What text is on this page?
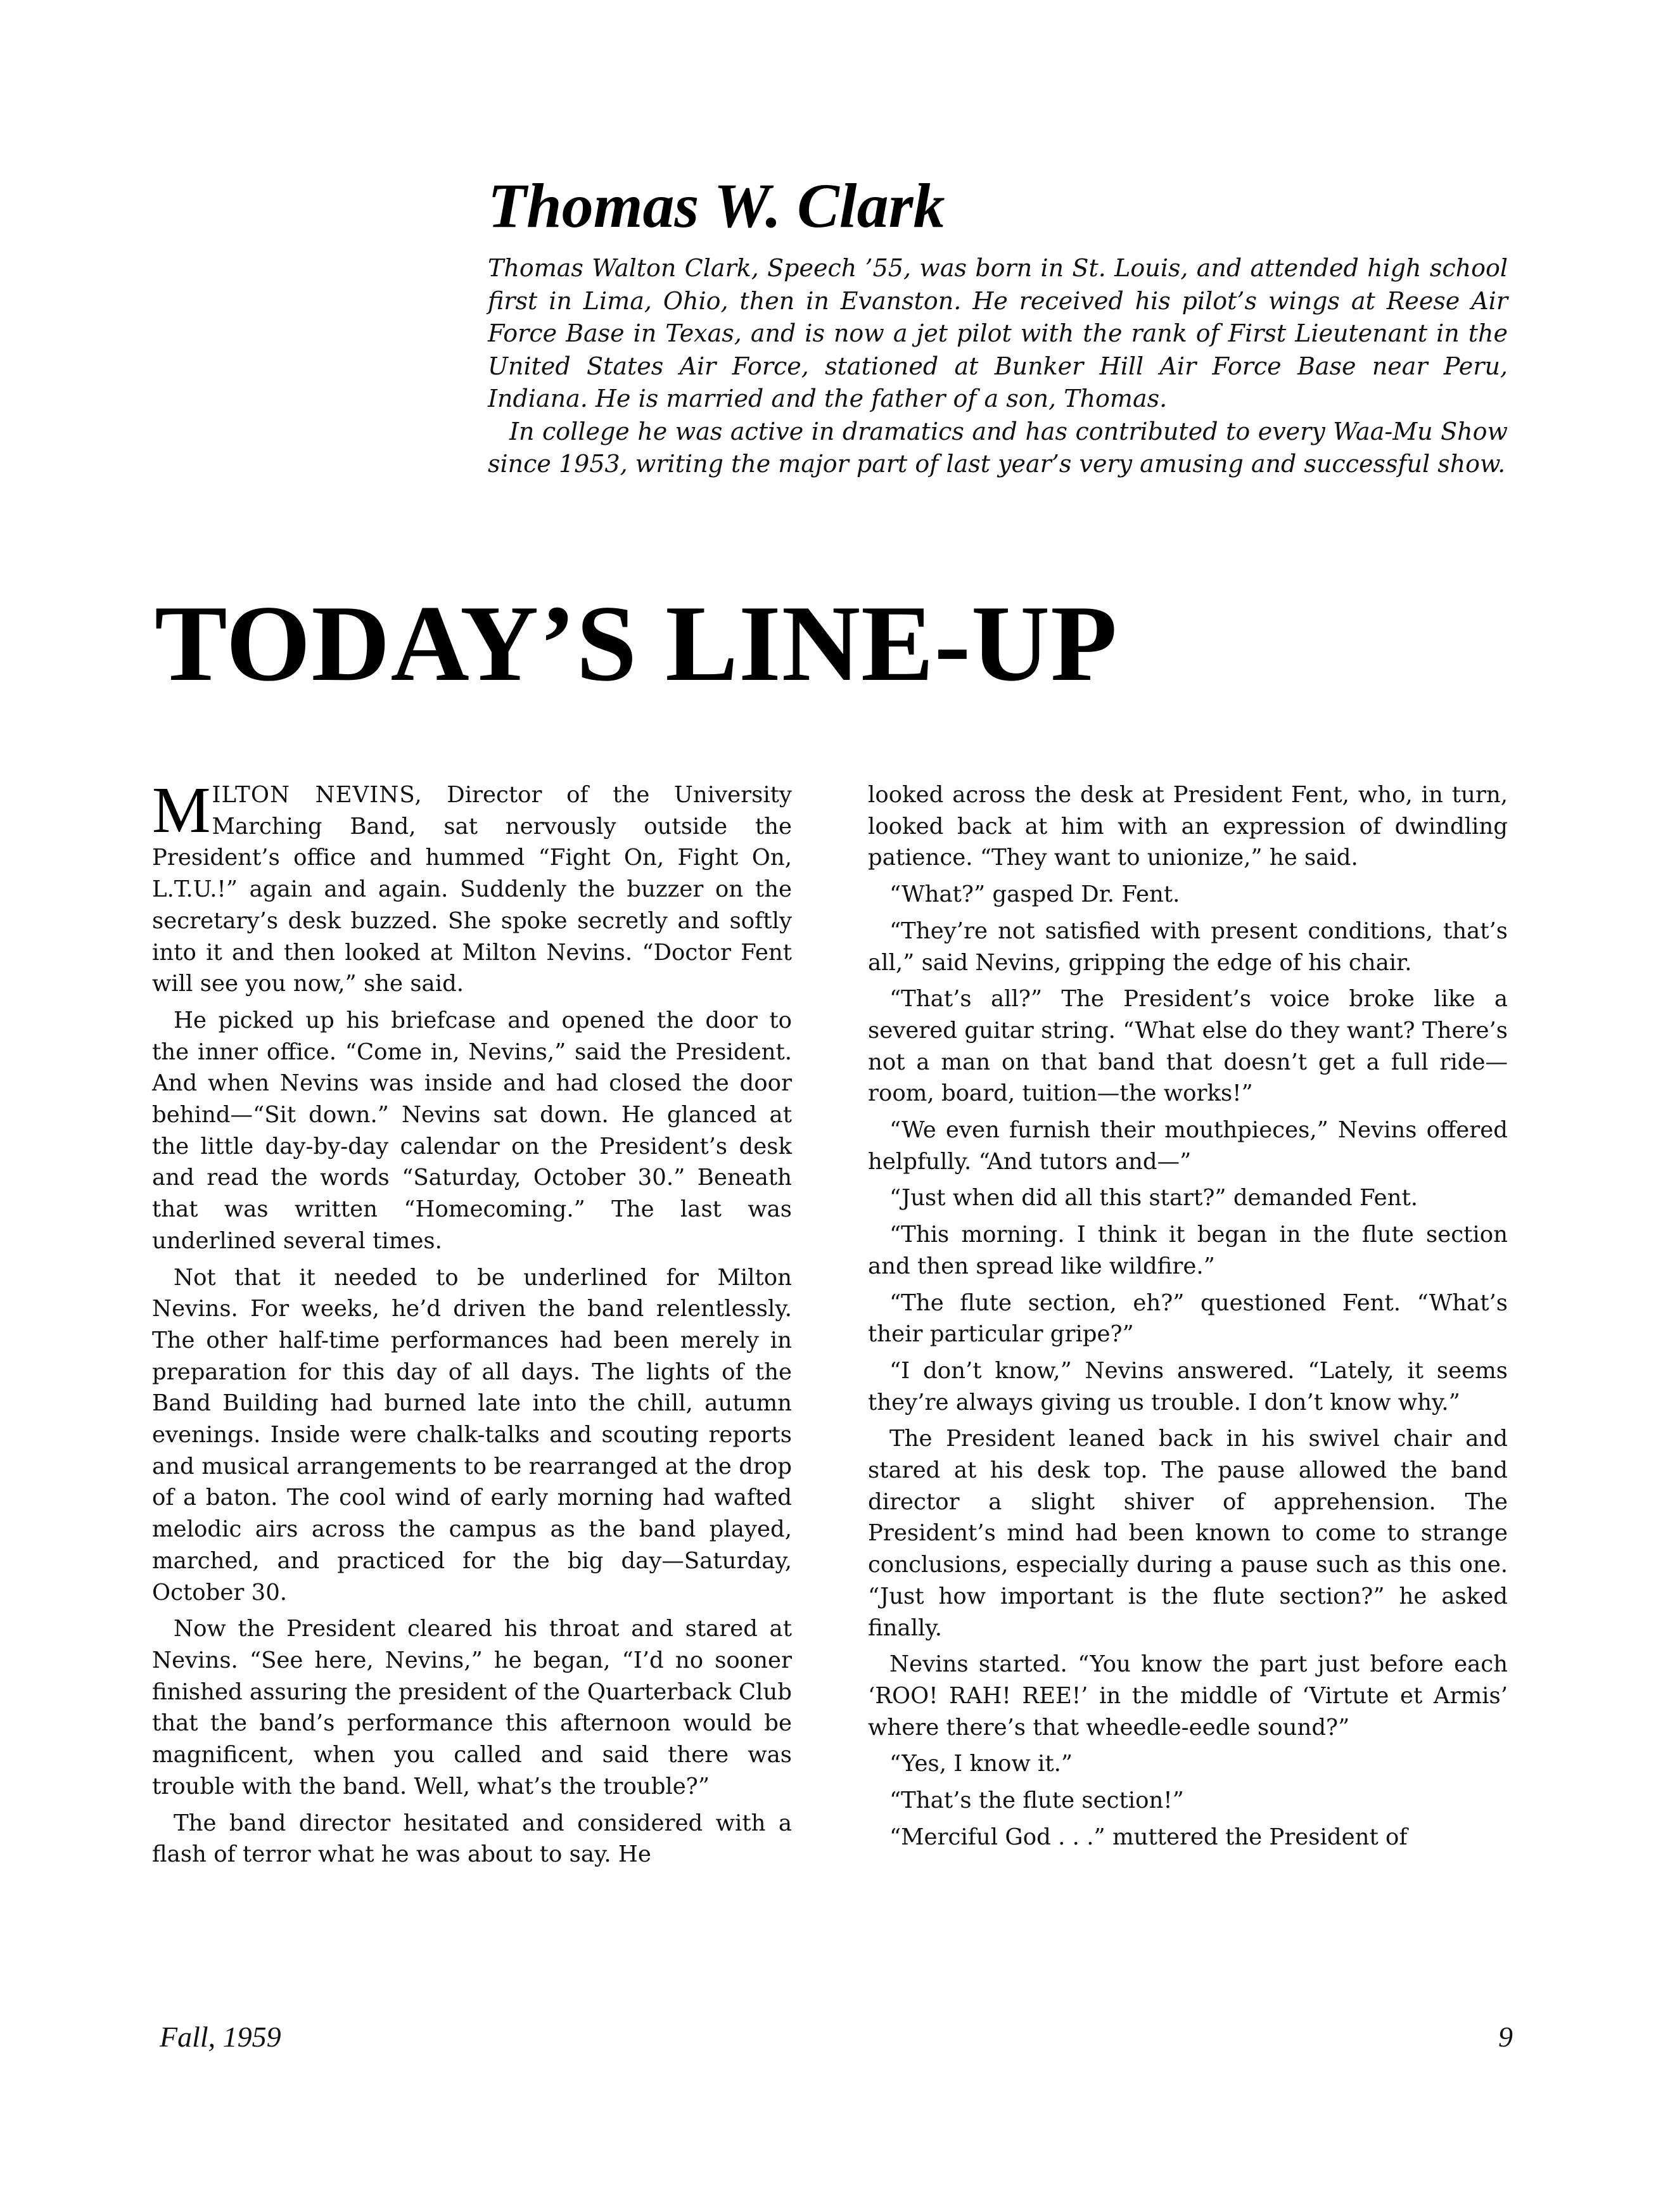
Thomas W. Clark

Thomas Walton Clark, Speech ’55, was born in St. Louis, and attended high school first in Lima, Ohio, then in Evanston. He received his pilot’s wings at Reese Air Force Base in Texas, and is now a jet pilot with the rank of First Lieutenant in the United States Air Force, stationed at Bunker Hill Air Force Base near Peru, Indiana. He is married and the father of a son, Thomas.

In college he was active in dramatics and has contributed to every Waa-Mu Show since 1953, writing the major part of last year’s very amusing and successful show.

TODAY’S LINE-UP

MILTON NEVINS, Director of the University Marching Band, sat nervously outside the President’s office and hummed “Fight On, Fight On, L.T.U.!” again and again. Suddenly the buzzer on the secretary’s desk buzzed. She spoke secretly and softly into it and then looked at Milton Nevins. “Doctor Fent will see you now,” she said.

He picked up his briefcase and opened the door to the inner office. “Come in, Nevins,” said the President. And when Nevins was inside and had closed the door behind—“Sit down.” Nevins sat down. He glanced at the little day-by-day calendar on the President’s desk and read the words “Saturday, October 30.” Beneath that was written “Homecoming.” The last was underlined several times.

Not that it needed to be underlined for Milton Nevins. For weeks, he’d driven the band relentlessly. The other half-time performances had been merely in preparation for this day of all days. The lights of the Band Building had burned late into the chill, autumn evenings. Inside were chalk-talks and scouting reports and musical arrangements to be rearranged at the drop of a baton. The cool wind of early morning had wafted melodic airs across the campus as the band played, marched, and practiced for the big day—Saturday, October 30.

Now the President cleared his throat and stared at Nevins. “See here, Nevins,” he began, “I’d no sooner finished assuring the president of the Quarterback Club that the band’s performance this afternoon would be magnificent, when you called and said there was trouble with the band. Well, what’s the trouble?”

The band director hesitated and considered with a flash of terror what he was about to say. He

looked across the desk at President Fent, who, in turn, looked back at him with an expression of dwindling patience. “They want to unionize,” he said.

“What?” gasped Dr. Fent.

“They’re not satisfied with present conditions, that’s all,” said Nevins, gripping the edge of his chair.

“That’s all?” The President’s voice broke like a severed guitar string. “What else do they want? There’s not a man on that band that doesn’t get a full ride—room, board, tuition—the works!”

“We even furnish their mouthpieces,” Nevins offered helpfully. “And tutors and—”

“Just when did all this start?” demanded Fent.

“This morning. I think it began in the flute section and then spread like wildfire.”

“The flute section, eh?” questioned Fent. “What’s their particular gripe?”

“I don’t know,” Nevins answered. “Lately, it seems they’re always giving us trouble. I don’t know why.”

The President leaned back in his swivel chair and stared at his desk top. The pause allowed the band director a slight shiver of apprehension. The President’s mind had been known to come to strange conclusions, especially during a pause such as this one. “Just how important is the flute section?” he asked finally.

Nevins started. “You know the part just before each ‘ROO! RAH! REE!’ in the middle of ‘Virtute et Armis’ where there’s that wheedle-eedle sound?”

“Yes, I know it.”

“That’s the flute section!”

“Merciful God . . .” muttered the President of

Fall, 1959	9
